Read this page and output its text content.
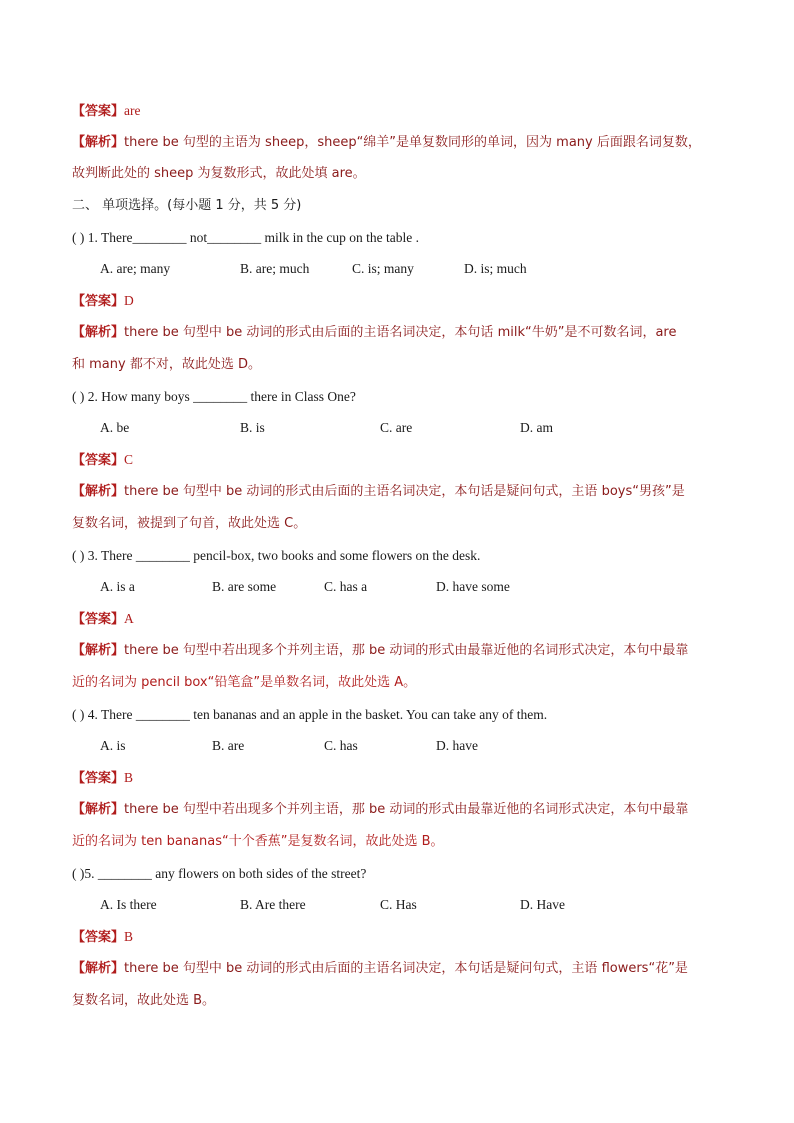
【答案】are
【解析】there be 句型的主语为 sheep，sheep“绵羊”是单复数同形的单词，因为 many 后面跟名词复数，
故判断此处的 sheep 为复数形式，故此处填 are。
二、 单项选择。(每小题 1 分，共 5 分)
( ) 1. There________ not________ milk in the cup on the table .
A. are; many	B. are; much	C. is; many	D. is; much
【答案】D
【解析】there be 句型中 be 动词的形式由后面的主语名词决定，本句话 milk“牛奶”是不可数名词，are
和 many 都不对，故此处选 D。
( ) 2. How many boys ________ there in Class One?
A. be	B. is	C. are	D. am
【答案】C
【解析】there be 句型中 be 动词的形式由后面的主语名词决定，本句话是疑问句式，主语 boys“男孩”是
复数名词，被提到了句首，故此处选 C。
( ) 3. There ________ pencil-box, two books and some flowers on the desk.
A. is a	B. are some	C. has a	D. have some
【答案】A
【解析】there be 句型中若出现多个并列主语，那 be 动词的形式由最靠近他的名词形式决定，本句中最靠
近的名词为 pencil box“铅笔盒”是单数名词，故此处选 A。
( ) 4. There ________ ten bananas and an apple in the basket. You can take any of them.
A. is	B. are	C. has	D. have
【答案】B
【解析】there be 句型中若出现多个并列主语，那 be 动词的形式由最靠近他的名词形式决定，本句中最靠
近的名词为 ten bananas“十个香蕉”是复数名词，故此处选 B。
( )5. ________ any flowers on both sides of the street?
A. Is there	B. Are there	C. Has	D. Have
【答案】B
【解析】there be 句型中 be 动词的形式由后面的主语名词决定，本句话是疑问句式，主语 flowers“花”是
复数名词，故此处选 B。
